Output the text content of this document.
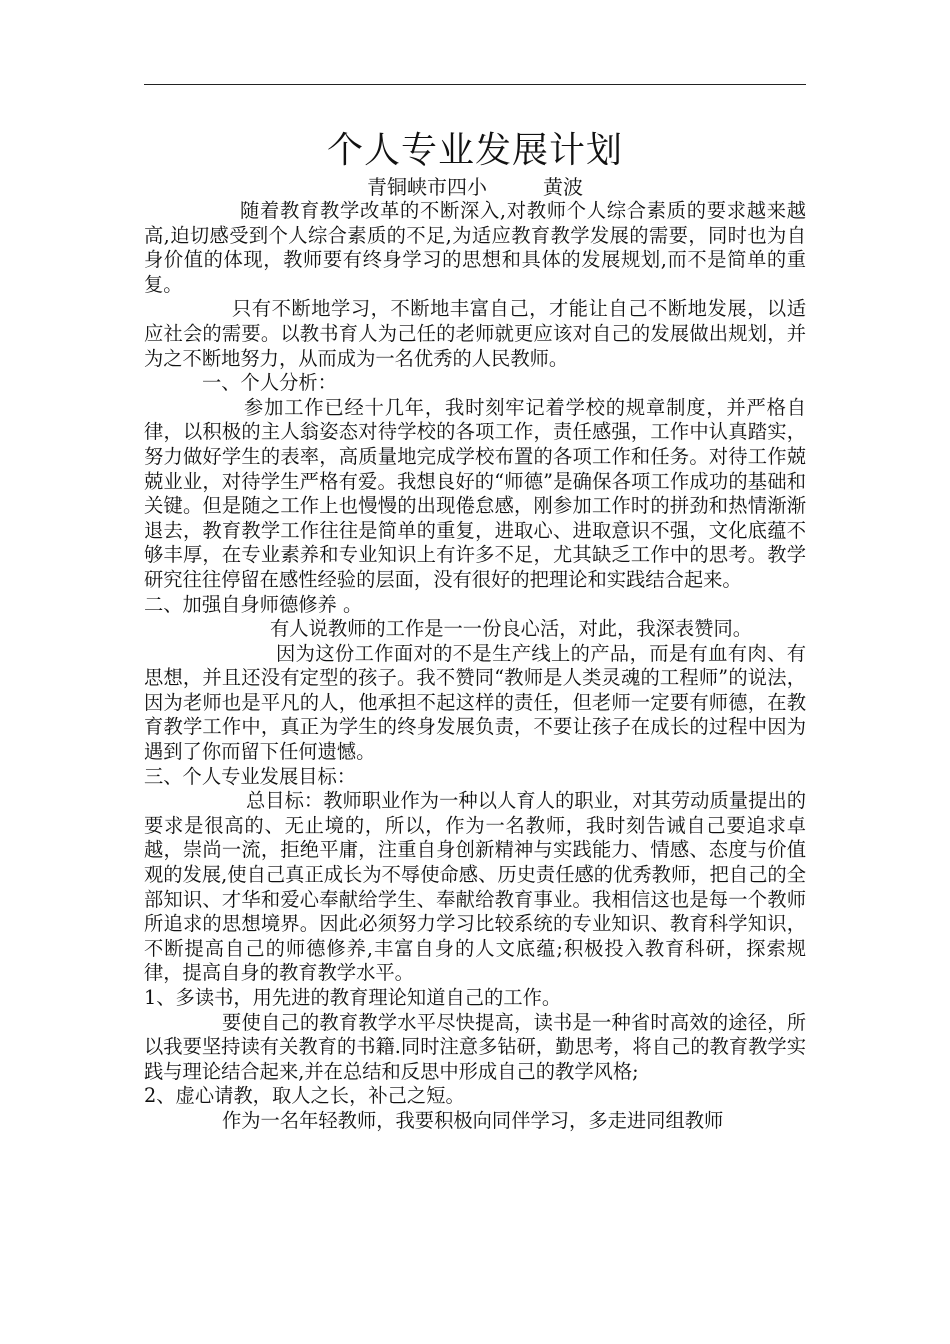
个人专业发展计划
青铜峡市四小	黄波

随着教育教学改革的不断深入,对教师个人综合素质的要求越来越高,迫切感受到个人综合素质的不足,为适应教育教学发展的需要，同时也为自身价值的体现，教师要有终身学习的思想和具体的发展规划,而不是简单的重复。

只有不断地学习，不断地丰富自己，才能让自己不断地发展，以适应社会的需要。以教书育人为己任的老师就更应该对自己的发展做出规划，并为之不断地努力，从而成为一名优秀的人民教师。

一、个人分析：

参加工作已经十几年，我时刻牢记着学校的规章制度，并严格自律，以积极的主人翁姿态对待学校的各项工作，责任感强，工作中认真踏实，努力做好学生的表率，高质量地完成学校布置的各项工作和任务。对待工作兢兢业业，对待学生严格有爱。我想良好的“师德”是确保各项工作成功的基础和关键。但是随之工作上也慢慢的出现倦怠感，刚参加工作时的拼劲和热情渐渐退去，教育教学工作往往是简单的重复，进取心、进取意识不强，文化底蕴不够丰厚，在专业素养和专业知识上有许多不足，尤其缺乏工作中的思考。教学研究往往停留在感性经验的层面，没有很好的把理论和实践结合起来。

二、加强自身师德修养 。

有人说教师的工作是一一份良心活，对此，我深表赞同。

因为这份工作面对的不是生产线上的产品，而是有血有肉、有思想，并且还没有定型的孩子。我不赞同“教师是人类灵魂的工程师”的说法，因为老师也是平凡的人，他承担不起这样的责任，但老师一定要有师德，在教育教学工作中，真正为学生的终身发展负责，不要让孩子在成长的过程中因为遇到了你而留下任何遗憾。

三、个人专业发展目标：

总目标：教师职业作为一种以人育人的职业，对其劳动质量提出的要求是很高的、无止境的，所以，作为一名教师，我时刻告诫自己要追求卓越，崇尚一流，拒绝平庸，注重自身创新精神与实践能力、情感、态度与价值观的发展,使自己真正成长为不辱使命感、历史责任感的优秀教师，把自己的全部知识、才华和爱心奉献给学生、奉献给教育事业。我相信这也是每一个教师所追求的思想境界。因此必须努力学习比较系统的专业知识、教育科学知识，不断提高自己的师德修养,丰富自身的人文底蕴;积极投入教育科研，探索规律，提高自身的教育教学水平。

1、多读书，用先进的教育理论知道自己的工作。

要使自己的教育教学水平尽快提高，读书是一种省时高效的途径，所以我要坚持读有关教育的书籍.同时注意多钻研，勤思考，将自己的教育教学实践与理论结合起来,并在总结和反思中形成自己的教学风格;

2、虚心请教，取人之长，补己之短。

作为一名年轻教师，我要积极向同伴学习，多走进同组教师
